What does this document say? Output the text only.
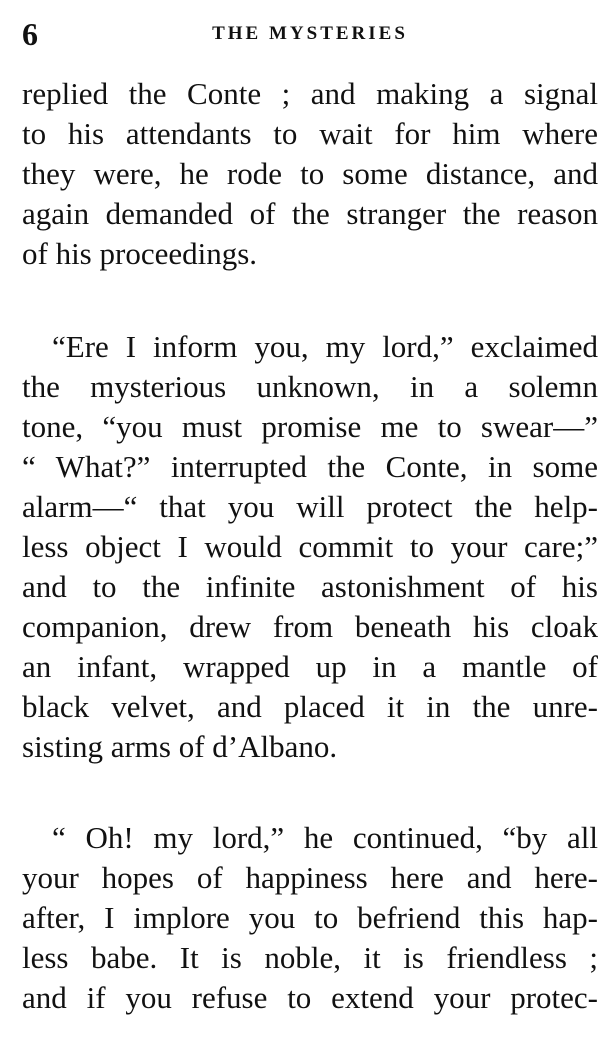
6	THE MYSTERIES
replied the Conte ; and making a signal
to his attendants to wait for him where
they were, he rode to some distance, and
again demanded of the stranger the reason
of his proceedings.
“Ere I inform you, my lord,” exclaimed
the mysterious unknown, in a solemn
tone, “you must promise me to swear—”
“ What?” interrupted the Conte, in some
alarm—“ that you will protect the help-
less object I would commit to your care;”
and to the infinite astonishment of his
companion, drew from beneath his cloak
an infant, wrapped up in a mantle of
black velvet, and placed it in the unre-
sisting arms of d’Albano.
“ Oh! my lord,” he continued, “by all
your hopes of happiness here and here-
after, I implore you to befriend this hap-
less babe. It is noble, it is friendless ;
and if you refuse to extend your protec-
